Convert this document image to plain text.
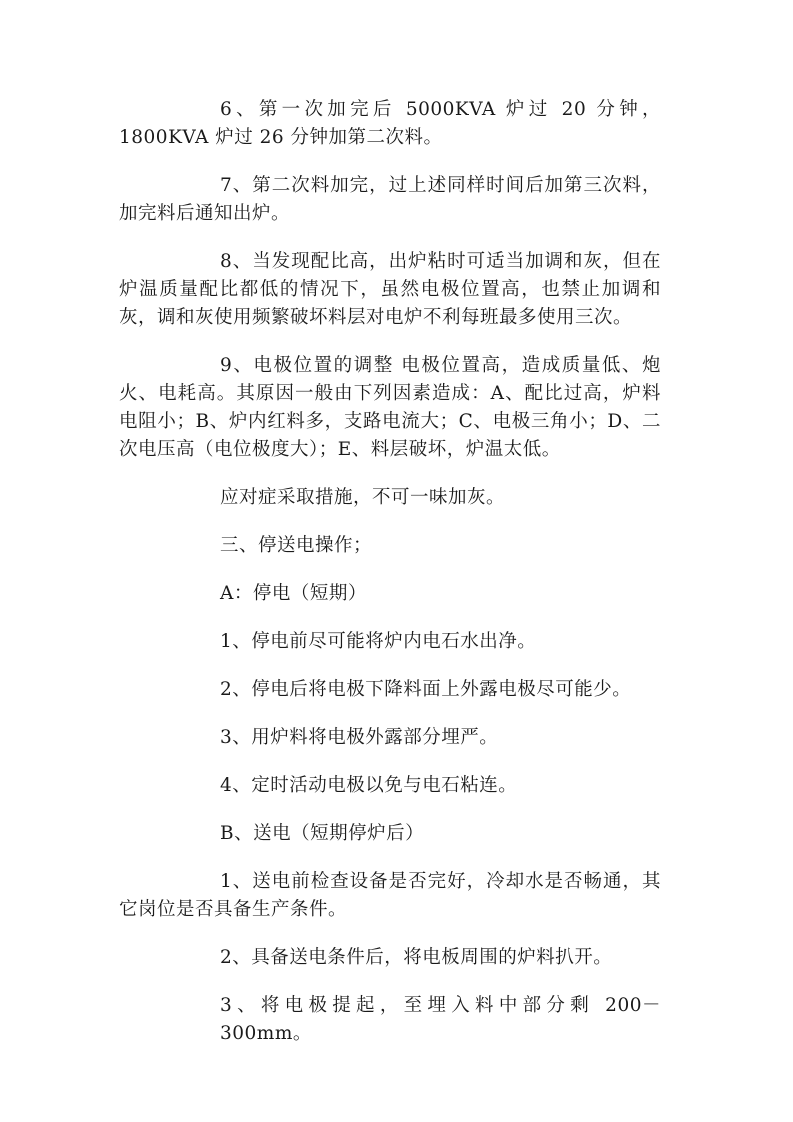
6、第一次加完后 5000KVA 炉过 20 分钟，1800KVA 炉过 26 分钟加第二次料。

7、第二次料加完，过上述同样时间后加第三次料，加完料后通知出炉。

8、当发现配比高，出炉粘时可适当加调和灰，但在炉温质量配比都低的情况下，虽然电极位置高，也禁止加调和灰，调和灰使用频繁破坏料层对电炉不利每班最多使用三次。

9、电极位置的调整 电极位置高，造成质量低、炮火、电耗高。其原因一般由下列因素造成：A、配比过高，炉料电阻小；B、炉内红料多，支路电流大；C、电极三角小；D、二次电压高（电位极度大）；E、料层破坏，炉温太低。

应对症采取措施，不可一味加灰。

三、停送电操作；

A：停电（短期）

1、停电前尽可能将炉内电石水出净。

2、停电后将电极下降料面上外露电极尽可能少。

3、用炉料将电极外露部分埋严。

4、定时活动电极以免与电石粘连。

B、送电（短期停炉后）

1、送电前检查设备是否完好，冷却水是否畅通，其它岗位是否具备生产条件。

2、具备送电条件后，将电板周围的炉料扒开。

3、将电极提起，至埋入料中部分剩 200－300mm。
